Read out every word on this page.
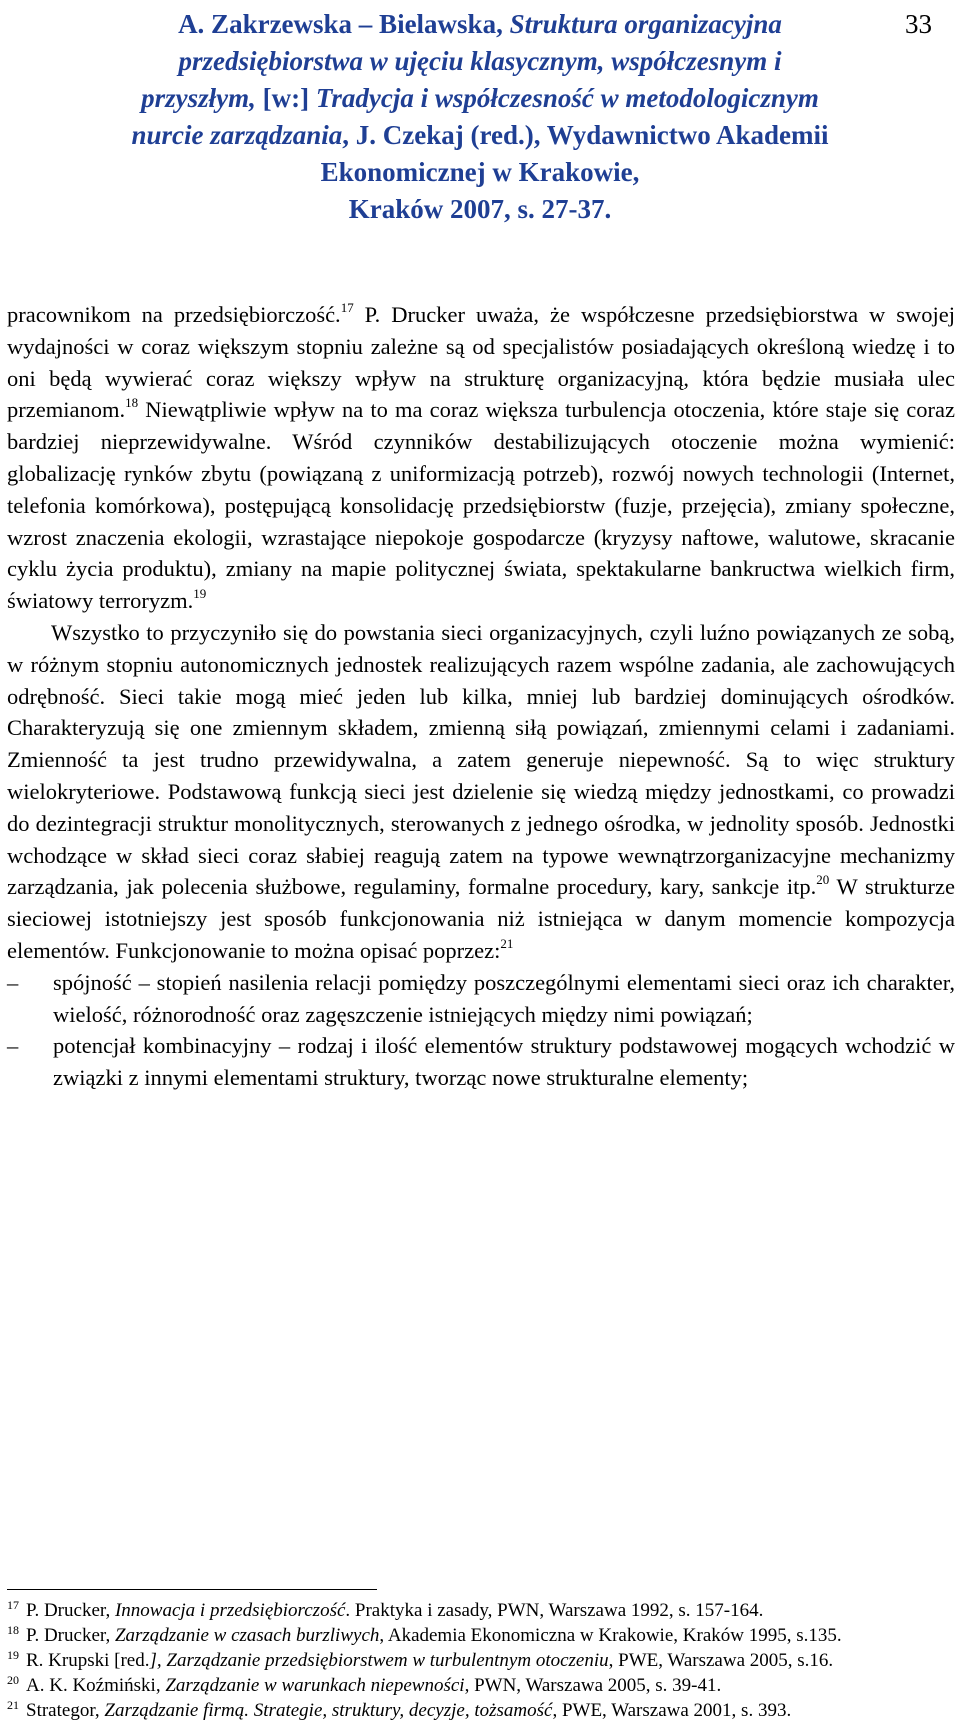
A. Zakrzewska – Bielawska, Struktura organizacyjna
przedsiębiorstwa w ujęciu klasycznym, współczesnym i
przyszłym, [w:] Tradycja i współczesność w metodologicznym
nurcie zarządzania, J. Czekaj (red.), Wydawnictwo Akademii
Ekonomicznej w Krakowie,
Kraków 2007, s. 27-37.
33

pracownikom na przedsiębiorczość.$^{17}$ P. Drucker uważa, że współczesne przedsiębiorstwa w swojej wydajności w coraz większym stopniu zależne są od specjalistów posiadających określoną wiedzę i to oni będą wywierać coraz większy wpływ na strukturę organizacyjną, która będzie musiała ulec przemianom.$^{18}$ Niewątpliwie wpływ na to ma coraz większa turbulencja otoczenia, które staje się coraz bardziej nieprzewidywalne. Wśród czynników destabilizujących otoczenie można wymienić: globalizację rynków zbytu (powiązaną z uniformizacją potrzeb), rozwój nowych technologii (Internet, telefonia komórkowa), postępującą konsolidację przedsiębiorstw (fuzje, przejęcia), zmiany społeczne, wzrost znaczenia ekologii, wzrastające niepokoje gospodarcze (kryzysy naftowe, walutowe, skracanie cyklu życia produktu), zmiany na mapie politycznej świata, spektakularne bankructwa wielkich firm, światowy terroryzm.$^{19}$

Wszystko to przyczyniło się do powstania sieci organizacyjnych, czyli luźno powiązanych ze sobą, w różnym stopniu autonomicznych jednostek realizujących razem wspólne zadania, ale zachowujących odrębność. Sieci takie mogą mieć jeden lub kilka, mniej lub bardziej dominujących ośrodków. Charakteryzują się one zmiennym składem, zmienną siłą powiązań, zmiennymi celami i zadaniami. Zmienność ta jest trudno przewidywalna, a zatem generuje niepewność. Są to więc struktury wielokryteriowe. Podstawową funkcją sieci jest dzielenie się wiedzą między jednostkami, co prowadzi do dezintegracji struktur monolitycznych, sterowanych z jednego ośrodka, w jednolity sposób. Jednostki wchodzące w skład sieci coraz słabiej reagują zatem na typowe wewnątrzorganizacyjne mechanizmy zarządzania, jak polecenia służbowe, regulaminy, formalne procedury, kary, sankcje itp.$^{20}$ W strukturze sieciowej istotniejszy jest sposób funkcjonowania niż istniejąca w danym momencie kompozycja elementów. Funkcjonowanie to można opisać poprzez:$^{21}$

– spójność – stopień nasilenia relacji pomiędzy poszczególnymi elementami sieci oraz ich charakter, wielość, różnorodność oraz zagęszczenie istniejących między nimi powiązań;
– potencjał kombinacyjny – rodzaj i ilość elementów struktury podstawowej mogących wchodzić w związki z innymi elementami struktury, tworząc nowe strukturalne elementy;
17 P. Drucker, Innowacja i przedsiębiorczość. Praktyka i zasady, PWN, Warszawa 1992, s. 157-164.
18 P. Drucker, Zarządzanie w czasach burzliwych, Akademia Ekonomiczna w Krakowie, Kraków 1995, s.135.
19 R. Krupski [red.], Zarządzanie przedsiębiorstwem w turbulentnym otoczeniu, PWE, Warszawa 2005, s.16.
20 A. K. Koźmiński, Zarządzanie w warunkach niepewności, PWN, Warszawa 2005, s. 39-41.
21 Strategor, Zarządzanie firmą. Strategie, struktury, decyzje, tożsamość, PWE, Warszawa 2001, s. 393.
